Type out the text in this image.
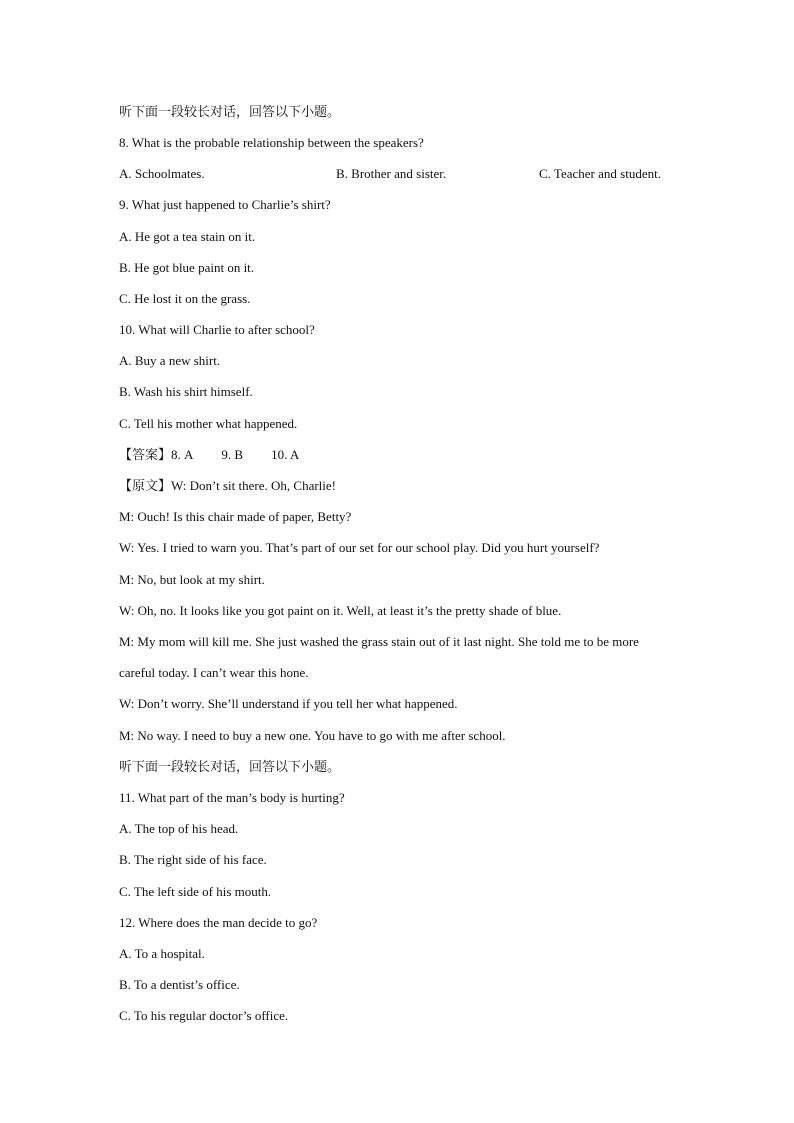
听下面一段较长对话，回答以下小题。
8. What is the probable relationship between the speakers?
A. Schoolmates.	B. Brother and sister.	C. Teacher and student.
9. What just happened to Charlie’s shirt?
A. He got a tea stain on it.
B. He got blue paint on it.
C. He lost it on the grass.
10. What will Charlie to after school?
A. Buy a new shirt.
B. Wash his shirt himself.
C. Tell his mother what happened.
【答案】8. A 9. B 10. A
【原文】W: Don’t sit there. Oh, Charlie!
M: Ouch! Is this chair made of paper, Betty?
W: Yes. I tried to warn you. That’s part of our set for our school play. Did you hurt yourself?
M: No, but look at my shirt.
W: Oh, no. It looks like you got paint on it. Well, at least it’s the pretty shade of blue.
M: My mom will kill me. She just washed the grass stain out of it last night. She told me to be more
careful today. I can’t wear this hone.
W: Don’t worry. She’ll understand if you tell her what happened.
M: No way. I need to buy a new one. You have to go with me after school.
听下面一段较长对话，回答以下小题。
11. What part of the man’s body is hurting?
A. The top of his head.
B. The right side of his face.
C. The left side of his mouth.
12. Where does the man decide to go?
A. To a hospital.
B. To a dentist’s office.
C. To his regular doctor’s office.
